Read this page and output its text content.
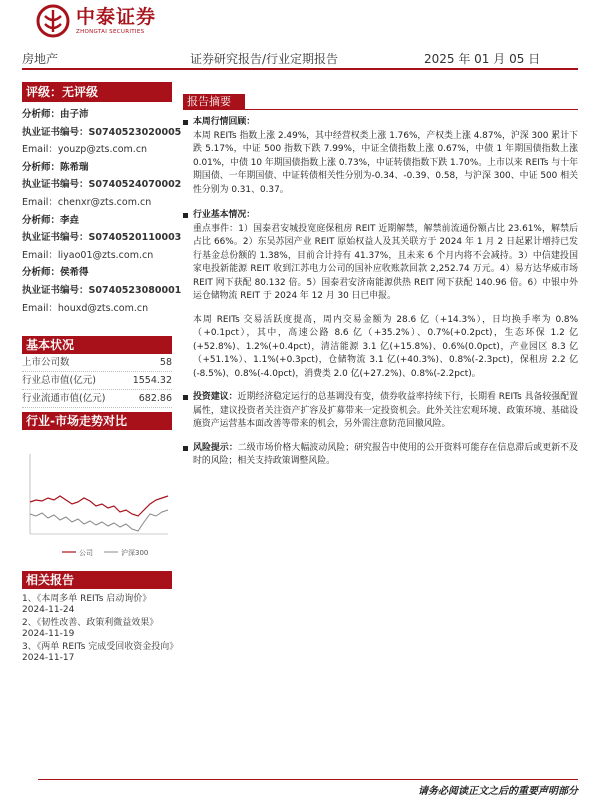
中泰证券
ZHONGTAI SECURITIES
房地产	证券研究报告/行业定期报告	2025 年 01 月 05 日
评级：无评级
分析师：由子沛
执业证书编号：S0740523020005
Email：youzp@zts.com.cn
分析师：陈希瑞
执业证书编号：S0740524070002
Email：chenxr@zts.com.cn
分析师：李垚
执业证书编号：S0740520110003
Email：liyao01@zts.com.cn
分析师：侯希得
执业证书编号：S0740523080001
Email：houxd@zts.com.cn
基本状况
上市公司数	58
行业总市值(亿元)	1554.32
行业流通市值(亿元)	682.86
行业-市场走势对比
公司	沪深300
相关报告
1、《本周多单 REITs 启动询价》
2024-11-24
2、《韧性改善、政策利微益效果》
2024-11-19
3、《两单 REITs 完成受回收资金投向》
2024-11-17
报告摘要
本周行情回顾：
本周 REITs 指数上涨 2.49%，其中经营权类上涨 1.76%，产权类上涨 4.87%，沪深 300 累计下跌 5.17%，中证 500 指数下跌 7.99%，中证全债指数上涨 0.67%，中债 1 年期国债指数上涨 0.01%，中债 10 年期国债指数上涨 0.73%，中证转债指数下跌 1.70%。上市以来 REITs 与十年期国债、一年期国债、中证转债相关性分别为-0.34、-0.39、0.58，与沪深 300、中证 500 相关性分别为 0.31、0.37。
行业基本情况：
重点事件：1）国泰君安城投宽庭保租房 REIT 近期解禁，解禁前流通份额占比 23.61%，解禁后占比 66%。2）东吴苏园产业 REIT 原始权益人及其关联方于 2024 年 1 月 2 日起累计增持已发行基金总份额的 1.38%，目前合计持有 41.37%，且未来 6 个月内将不会减持。3）中信建投国家电投新能源 REIT 收到江苏电力公司的国补应收账款回款 2,252.74 万元。4）易方达华威市场 REIT 网下获配 80.132 倍。5）国泰君安济南能源供热 REIT 网下获配 140.96 倍。6）中银中外运仓储物流 REIT 于 2024 年 12 月 30 日已申报。
本周 REITs 交易活跃度提高，周内交易金额为 28.6 亿（+14.3%），日均换手率为 0.8%（+0.1pct），其中，高速公路 8.6 亿（+35.2%）、0.7%(+0.2pct)，生态环保 1.2 亿(+52.8%)、1.2%(+0.4pct)，清洁能源 3.1 亿(+15.8%)、0.6%(0.0pct)，产业园区 8.3 亿（+51.1%）、1.1%(+0.3pct)，仓储物流 3.1 亿(+40.3%)、0.8%(-2.3pct)，保租房 2.2 亿(-8.5%)、0.8%(-4.0pct)，消费类 2.0 亿(+27.2%)、0.8%(-2.2pct)。
投资建议：近期经济稳定运行的总基调没有变，债券收益率持续下行，长期看 REITs 具备较强配置属性，建议投资者关注资产扩容及扩募带来一定投资机会。此外关注宏观环境、政策环境、基础设施资产运营基本面改善等带来的机会，另外需注意防范回撤风险。
风险提示：二级市场价格大幅波动风险；研究报告中使用的公开资料可能存在信息滞后或更新不及时的风险；相关支持政策调整风险。
请务必阅读正文之后的重要声明部分
